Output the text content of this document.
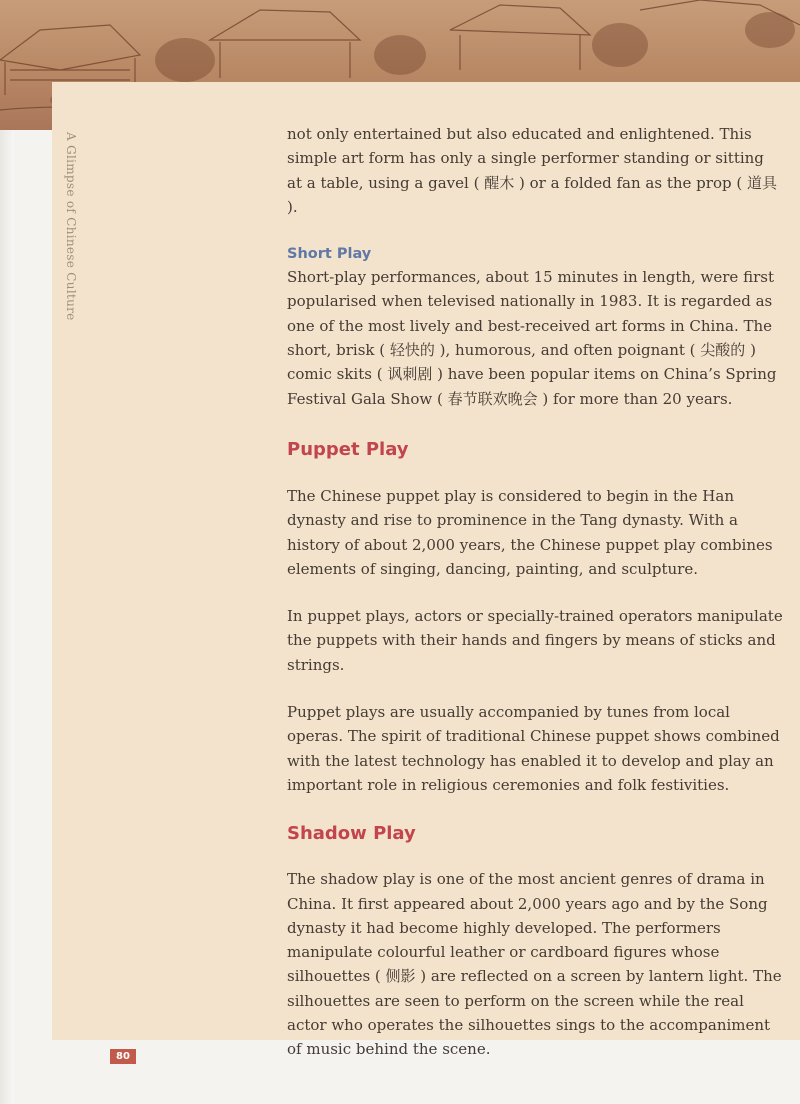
A Glimpse of Chinese Culture	not only entertained but also educated and enlightened. This simple art form has only a single performer standing or sitting at a table, using a gavel ( 醒木 ) or a folded fan as the prop ( 道具 ).

Short Play

Short-play performances, about 15 minutes in length, were first popularised when televised nationally in 1983. It is regarded as one of the most lively and best-received art forms in China. The short, brisk ( 轻快的 ), humorous, and often poignant ( 尖酸的 ) comic skits ( 讽刺剧 ) have been popular items on China’s Spring Festival Gala Show ( 春节联欢晚会 ) for more than 20 years.

Puppet Play

The Chinese puppet play is considered to begin in the Han dynasty and rise to prominence in the Tang dynasty. With a history of about 2,000 years, the Chinese puppet play combines elements of singing, dancing, painting, and sculpture.

In puppet plays, actors or specially-trained operators manipulate the puppets with their hands and fingers by means of sticks and strings.

Puppet plays are usually accompanied by tunes from local operas. The spirit of traditional Chinese puppet shows combined with the latest technology has enabled it to develop and play an important role in religious ceremonies and folk festivities.

Shadow Play

The shadow play is one of the most ancient genres of drama in China. It first appeared about 2,000 years ago and by the Song dynasty it had become highly developed. The performers manipulate colourful leather or cardboard figures whose silhouettes ( 侧影 ) are reflected on a screen by lantern light. The silhouettes are seen to perform on the screen while the real actor who operates the silhouettes sings to the accompaniment of music behind the scene.

80
